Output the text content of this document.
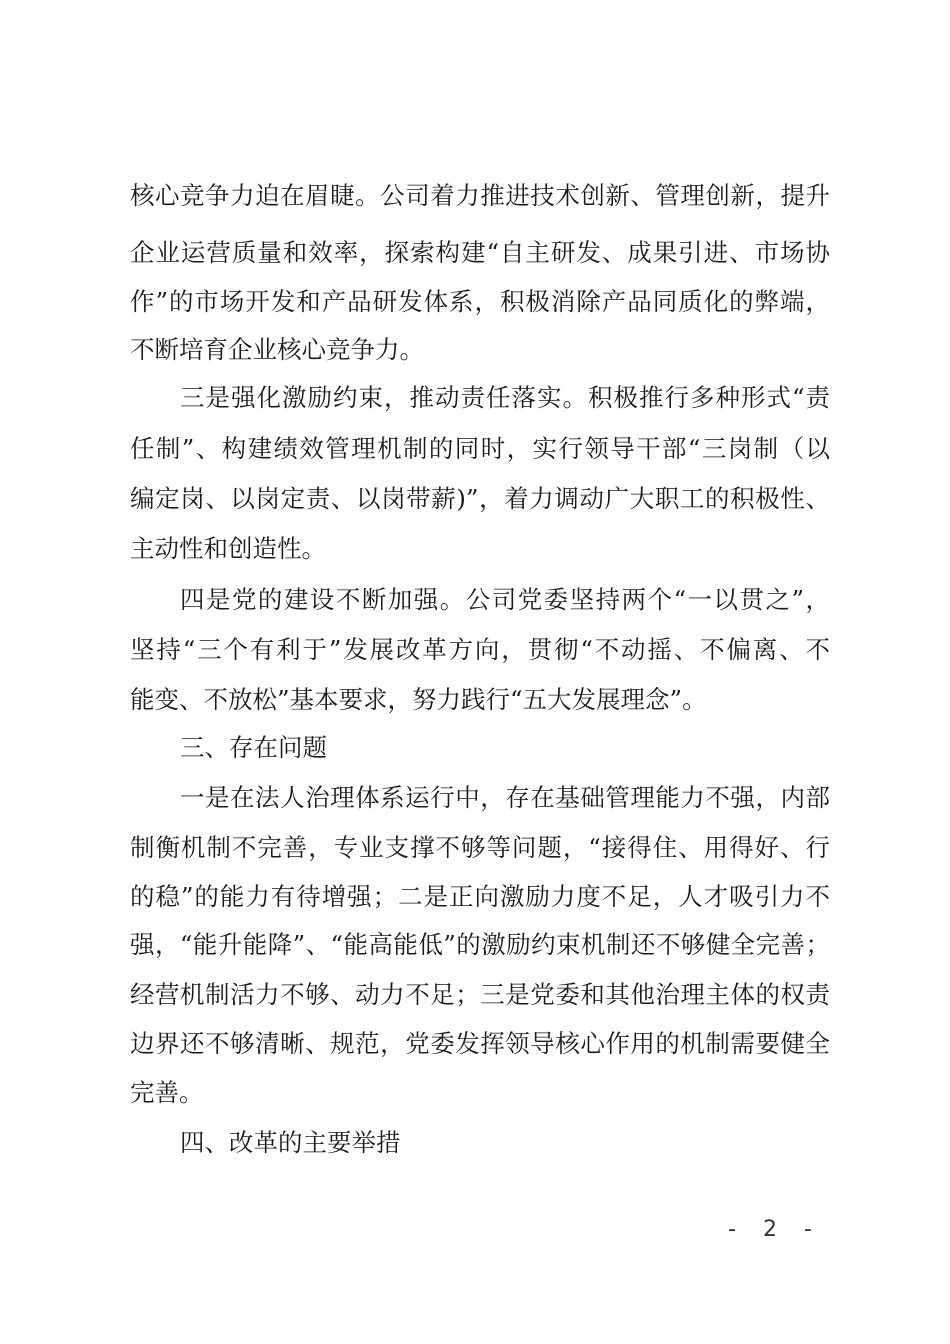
核心竞争力迫在眉睫。公司着力推进技术创新、管理创新，提升
企业运营质量和效率，探索构建“自主研发、成果引进、市场协
作”的市场开发和产品研发体系，积极消除产品同质化的弊端，
不断培育企业核心竞争力。
三是强化激励约束，推动责任落实。积极推行多种形式“责
任制”、构建绩效管理机制的同时，实行领导干部“三岗制（以
编定岗、以岗定责、以岗带薪)”，着力调动广大职工的积极性、
主动性和创造性。
四是党的建设不断加强。公司党委坚持两个“一以贯之”，
坚持“三个有利于”发展改革方向，贯彻“不动摇、不偏离、不
能变、不放松”基本要求，努力践行“五大发展理念”。
三、存在问题
一是在法人治理体系运行中，存在基础管理能力不强，内部
制衡机制不完善，专业支撑不够等问题，“接得住、用得好、行
的稳”的能力有待增强；二是正向激励力度不足，人才吸引力不
强，“能升能降”、“能高能低”的激励约束机制还不够健全完善；
经营机制活力不够、动力不足；三是党委和其他治理主体的权责
边界还不够清晰、规范，党委发挥领导核心作用的机制需要健全
完善。
四、改革的主要举措
- 2 -
